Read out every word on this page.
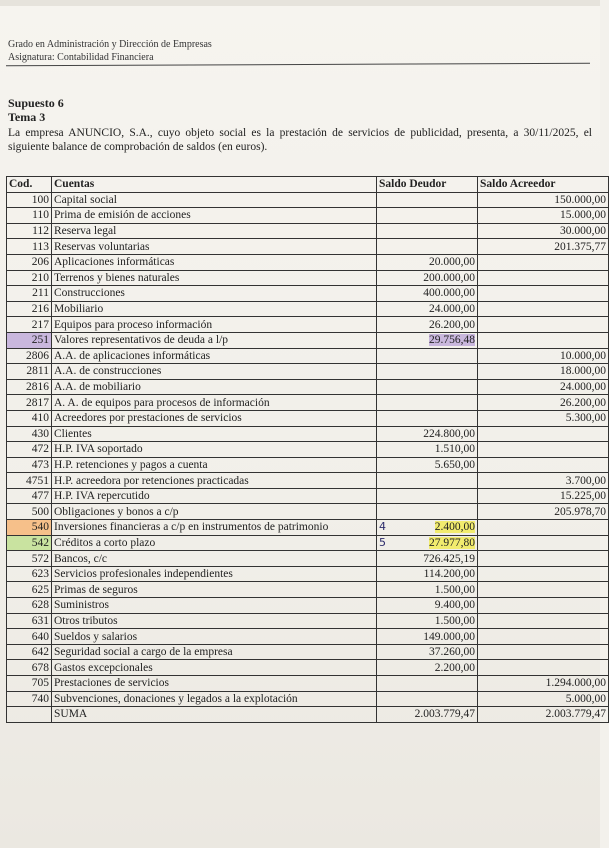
Grado en Administración y Dirección de Empresas
Asignatura: Contabilidad Financiera
Supuesto 6
Tema 3
La empresa ANUNCIO, S.A., cuyo objeto social es la prestación de servicios de publicidad, presenta, a 30/11/2025, el siguiente balance de comprobación de saldos (en euros).
Cod.	Cuentas	Saldo Deudor	Saldo Acreedor
100	Capital social		150.000,00
110	Prima de emisión de acciones		15.000,00
112	Reserva legal		30.000,00
113	Reservas voluntarias		201.375,77
206	Aplicaciones informáticas	20.000,00	
210	Terrenos y bienes naturales	200.000,00	
211	Construcciones	400.000,00	
216	Mobiliario	24.000,00	
217	Equipos para proceso información	26.200,00	
251	Valores representativos de deuda a l/p	29.756,48	
2806	A.A. de aplicaciones informáticas		10.000,00
2811	A.A. de construcciones		18.000,00
2816	A.A. de mobiliario		24.000,00
2817	A. A. de equipos para procesos de información		26.200,00
410	Acreedores por prestaciones de servicios		5.300,00
430	Clientes	224.800,00	
472	H.P. IVA soportado	1.510,00	
473	H.P. retenciones y pagos a cuenta	5.650,00	
4751	H.P. acreedora por retenciones practicadas		3.700,00
477	H.P. IVA repercutido		15.225,00
500	Obligaciones y bonos a c/p		205.978,70
540	Inversiones financieras a c/p en instrumentos de patrimonio	4 2.400,00	
542	Créditos a corto plazo	5 27.977,80	
572	Bancos, c/c	726.425,19	
623	Servicios profesionales independientes	114.200,00	
625	Primas de seguros	1.500,00	
628	Suministros	9.400,00	
631	Otros tributos	1.500,00	
640	Sueldos y salarios	149.000,00	
642	Seguridad social a cargo de la empresa	37.260,00	
678	Gastos excepcionales	2.200,00	
705	Prestaciones de servicios		1.294.000,00
740	Subvenciones, donaciones y legados a la explotación		5.000,00
	SUMA	2.003.779,47	2.003.779,47
